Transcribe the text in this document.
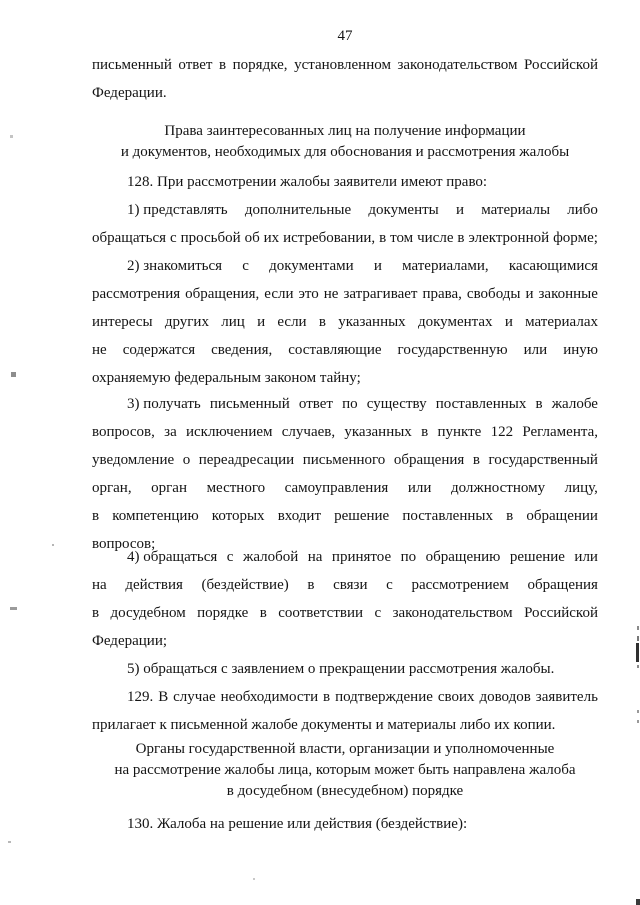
47
письменный ответ в порядке, установленном законодательством Российской
Федерации.
Права заинтересованных лиц на получение информации
и документов, необходимых для обоснования и рассмотрения жалобы
128. При рассмотрении жалобы заявители имеют право:
1) представлять дополнительные документы и материалы либо
обращаться с просьбой об их истребовании, в том числе в электронной форме;
2) знакомиться с документами и материалами, касающимися
рассмотрения обращения, если это не затрагивает права, свободы и законные
интересы других лиц и если в указанных документах и материалах
не содержатся сведения, составляющие государственную или иную
охраняемую федеральным законом тайну;
3) получать письменный ответ по существу поставленных в жалобе
вопросов, за исключением случаев, указанных в пункте 122 Регламента,
уведомление о переадресации письменного обращения в государственный
орган, орган местного самоуправления или должностному лицу,
в компетенцию которых входит решение поставленных в обращении
вопросов;
4) обращаться с жалобой на принятое по обращению решение или
на действия (бездействие) в связи с рассмотрением обращения
в досудебном порядке в соответствии с законодательством Российской
Федерации;
5) обращаться с заявлением о прекращении рассмотрения жалобы.
129. В случае необходимости в подтверждение своих доводов заявитель
прилагает к письменной жалобе документы и материалы либо их копии.
Органы государственной власти, организации и уполномоченные
на рассмотрение жалобы лица, которым может быть направлена жалоба
в досудебном (внесудебном) порядке
130. Жалоба на решение или действия (бездействие):
